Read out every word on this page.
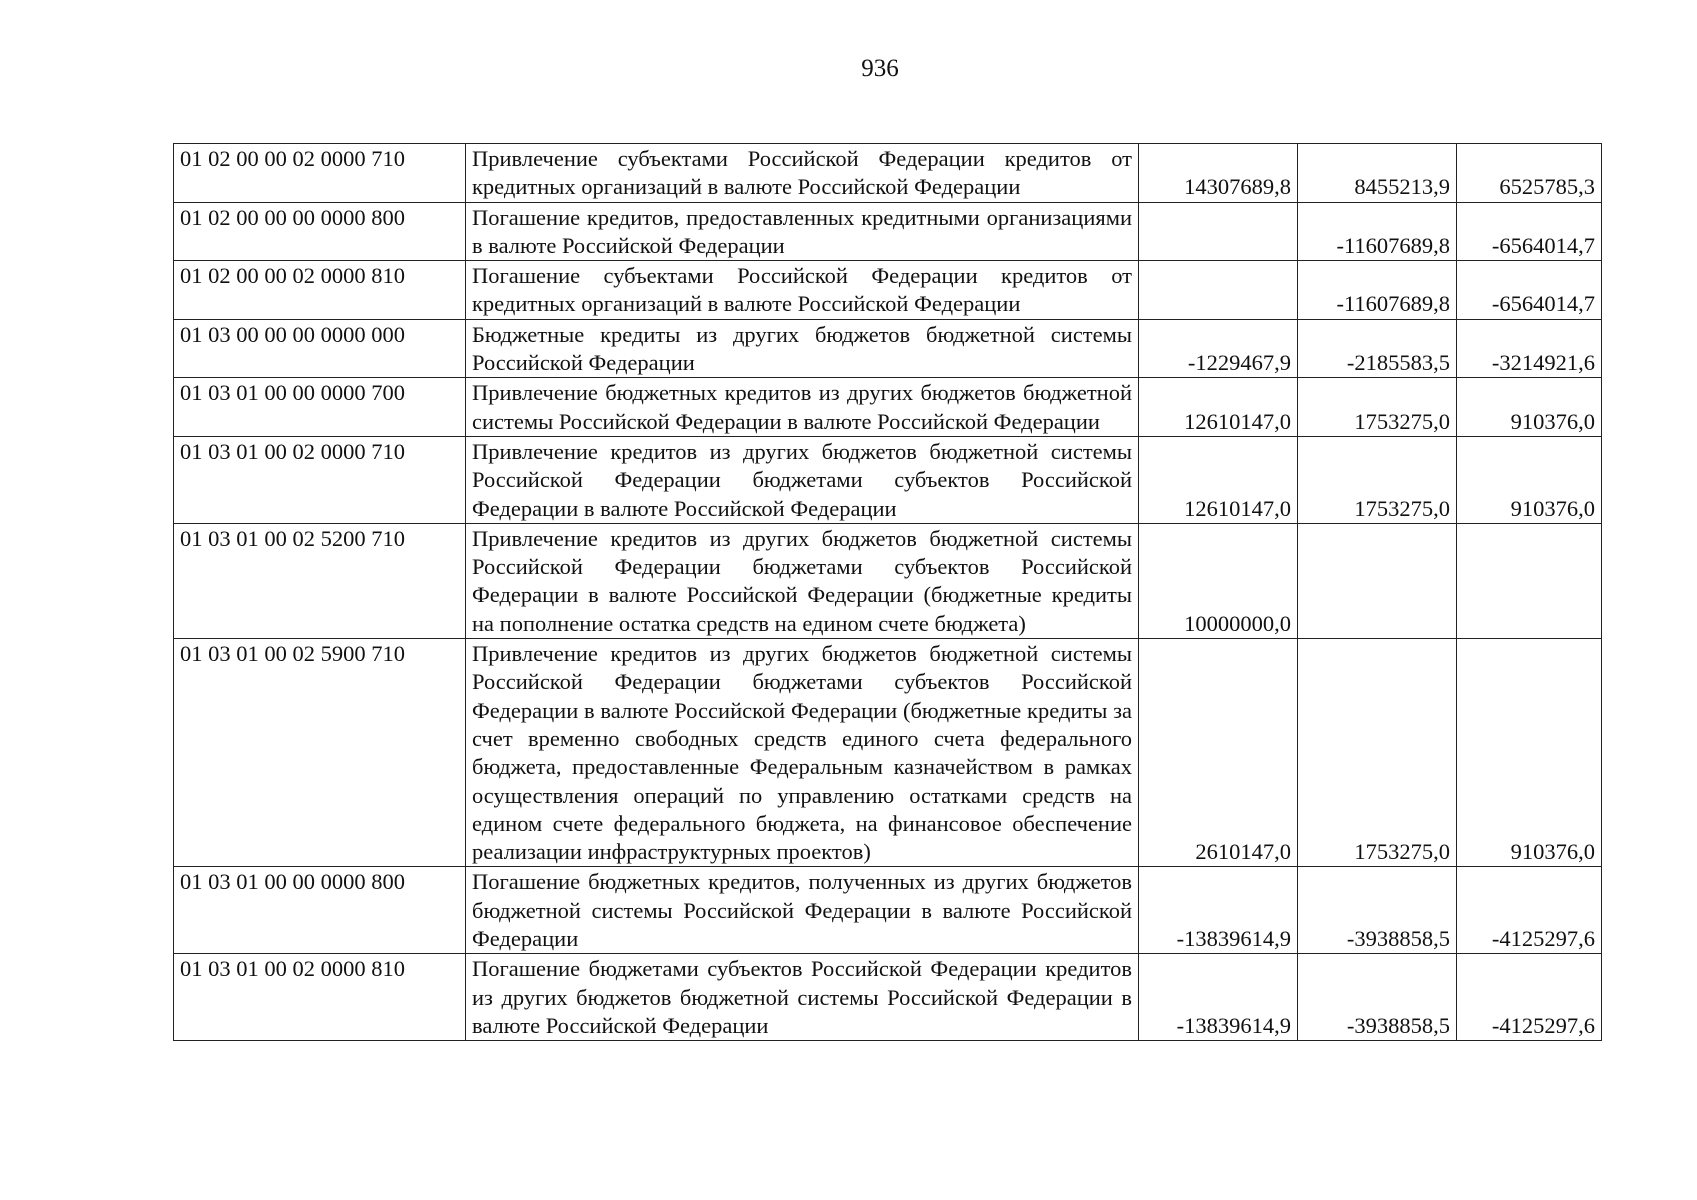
936
01 02 00 00 02 0000 710	Привлечение субъектами Российской Федерации кредитов от кредитных организаций в валюте Российской Федерации	14307689,8	8455213,9	6525785,3
01 02 00 00 00 0000 800	Погашение кредитов, предоставленных кредитными организациями в валюте Российской Федерации		-11607689,8	-6564014,7
01 02 00 00 02 0000 810	Погашение субъектами Российской Федерации кредитов от кредитных организаций в валюте Российской Федерации		-11607689,8	-6564014,7
01 03 00 00 00 0000 000	Бюджетные кредиты из других бюджетов бюджетной системы Российской Федерации	-1229467,9	-2185583,5	-3214921,6
01 03 01 00 00 0000 700	Привлечение бюджетных кредитов из других бюджетов бюджетной системы Российской Федерации в валюте Российской Федерации	12610147,0	1753275,0	910376,0
01 03 01 00 02 0000 710	Привлечение кредитов из других бюджетов бюджетной системы Российской Федерации бюджетами субъектов Российской Федерации в валюте Российской Федерации	12610147,0	1753275,0	910376,0
01 03 01 00 02 5200 710	Привлечение кредитов из других бюджетов бюджетной системы Российской Федерации бюджетами субъектов Российской Федерации в валюте Российской Федерации (бюджетные кредиты на пополнение остатка средств на едином счете бюджета)	10000000,0		
01 03 01 00 02 5900 710	Привлечение кредитов из других бюджетов бюджетной системы Российской Федерации бюджетами субъектов Российской Федерации в валюте Российской Федерации (бюджетные кредиты за счет временно свободных средств единого счета федерального бюджета, предоставленные Федеральным казначейством в рамках осуществления операций по управлению остатками средств на едином счете федерального бюджета, на финансовое обеспечение реализации инфраструктурных проектов)	2610147,0	1753275,0	910376,0
01 03 01 00 00 0000 800	Погашение бюджетных кредитов, полученных из других бюджетов бюджетной системы Российской Федерации в валюте Российской Федерации	-13839614,9	-3938858,5	-4125297,6
01 03 01 00 02 0000 810	Погашение бюджетами субъектов Российской Федерации кредитов из других бюджетов бюджетной системы Российской Федерации в валюте Российской Федерации	-13839614,9	-3938858,5	-4125297,6
